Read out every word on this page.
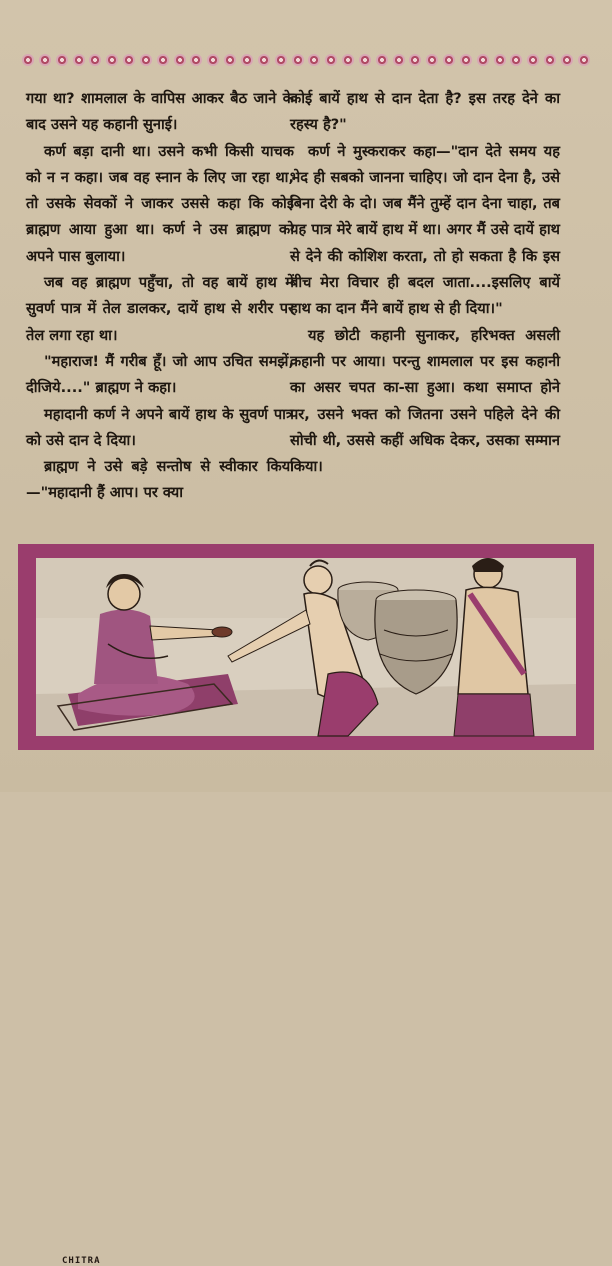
गया था? शामलाल के वापिस आकर बैठ जाने के बाद उसने यह कहानी सुनाई।

कर्ण बड़ा दानी था। उसने कभी किसी याचक को न न कहा। जब वह स्नान के लिए जा रहा था, तो उसके सेवकों ने जाकर उससे कहा कि कोई ब्राह्मण आया हुआ था। कर्ण ने उस ब्राह्मण को अपने पास बुलाया।

जब वह ब्राह्मण पहुँचा, तो वह बायें हाथ में सुवर्ण पात्र में तेल डालकर, दायें हाथ से शरीर पर तेल लगा रहा था।

"महाराज! मैं गरीब हूँ। जो आप उचित समझें, दीजिये...." ब्राह्मण ने कहा।

महादानी कर्ण ने अपने बायें हाथ के सुवर्ण पात्र को उसे दान दे दिया।

ब्राह्मण ने उसे बड़े सन्तोष से स्वीकार किया—"महादानी हैं आप। पर क्या

कोई बायें हाथ से दान देता है? इस तरह देने का रहस्य है?"

कर्ण ने मुस्कराकर कहा—"दान देते समय यह भेद ही सबको जानना चाहिए। जो दान देना है, उसे बिना देरी के दो। जब मैंने तुम्हें दान देना चाहा, तब यह पात्र मेरे बायें हाथ में था। अगर मैं उसे दायें हाथ से देने की कोशिश करता, तो हो सकता है कि इस बीच मेरा विचार ही बदल जाता....इसलिए बायें हाथ का दान मैंने बायें हाथ से ही दिया।"

यह छोटी कहानी सुनाकर, हरिभक्त असली कहानी पर आया। परन्तु शामलाल पर इस कहानी का असर चपत का-सा हुआ। कथा समाप्त होने पर, उसने भक्त को जितना उसने पहिले देने की सोची थी, उससे कहीं अधिक देकर, उसका सम्मान किया।

CHITRA
